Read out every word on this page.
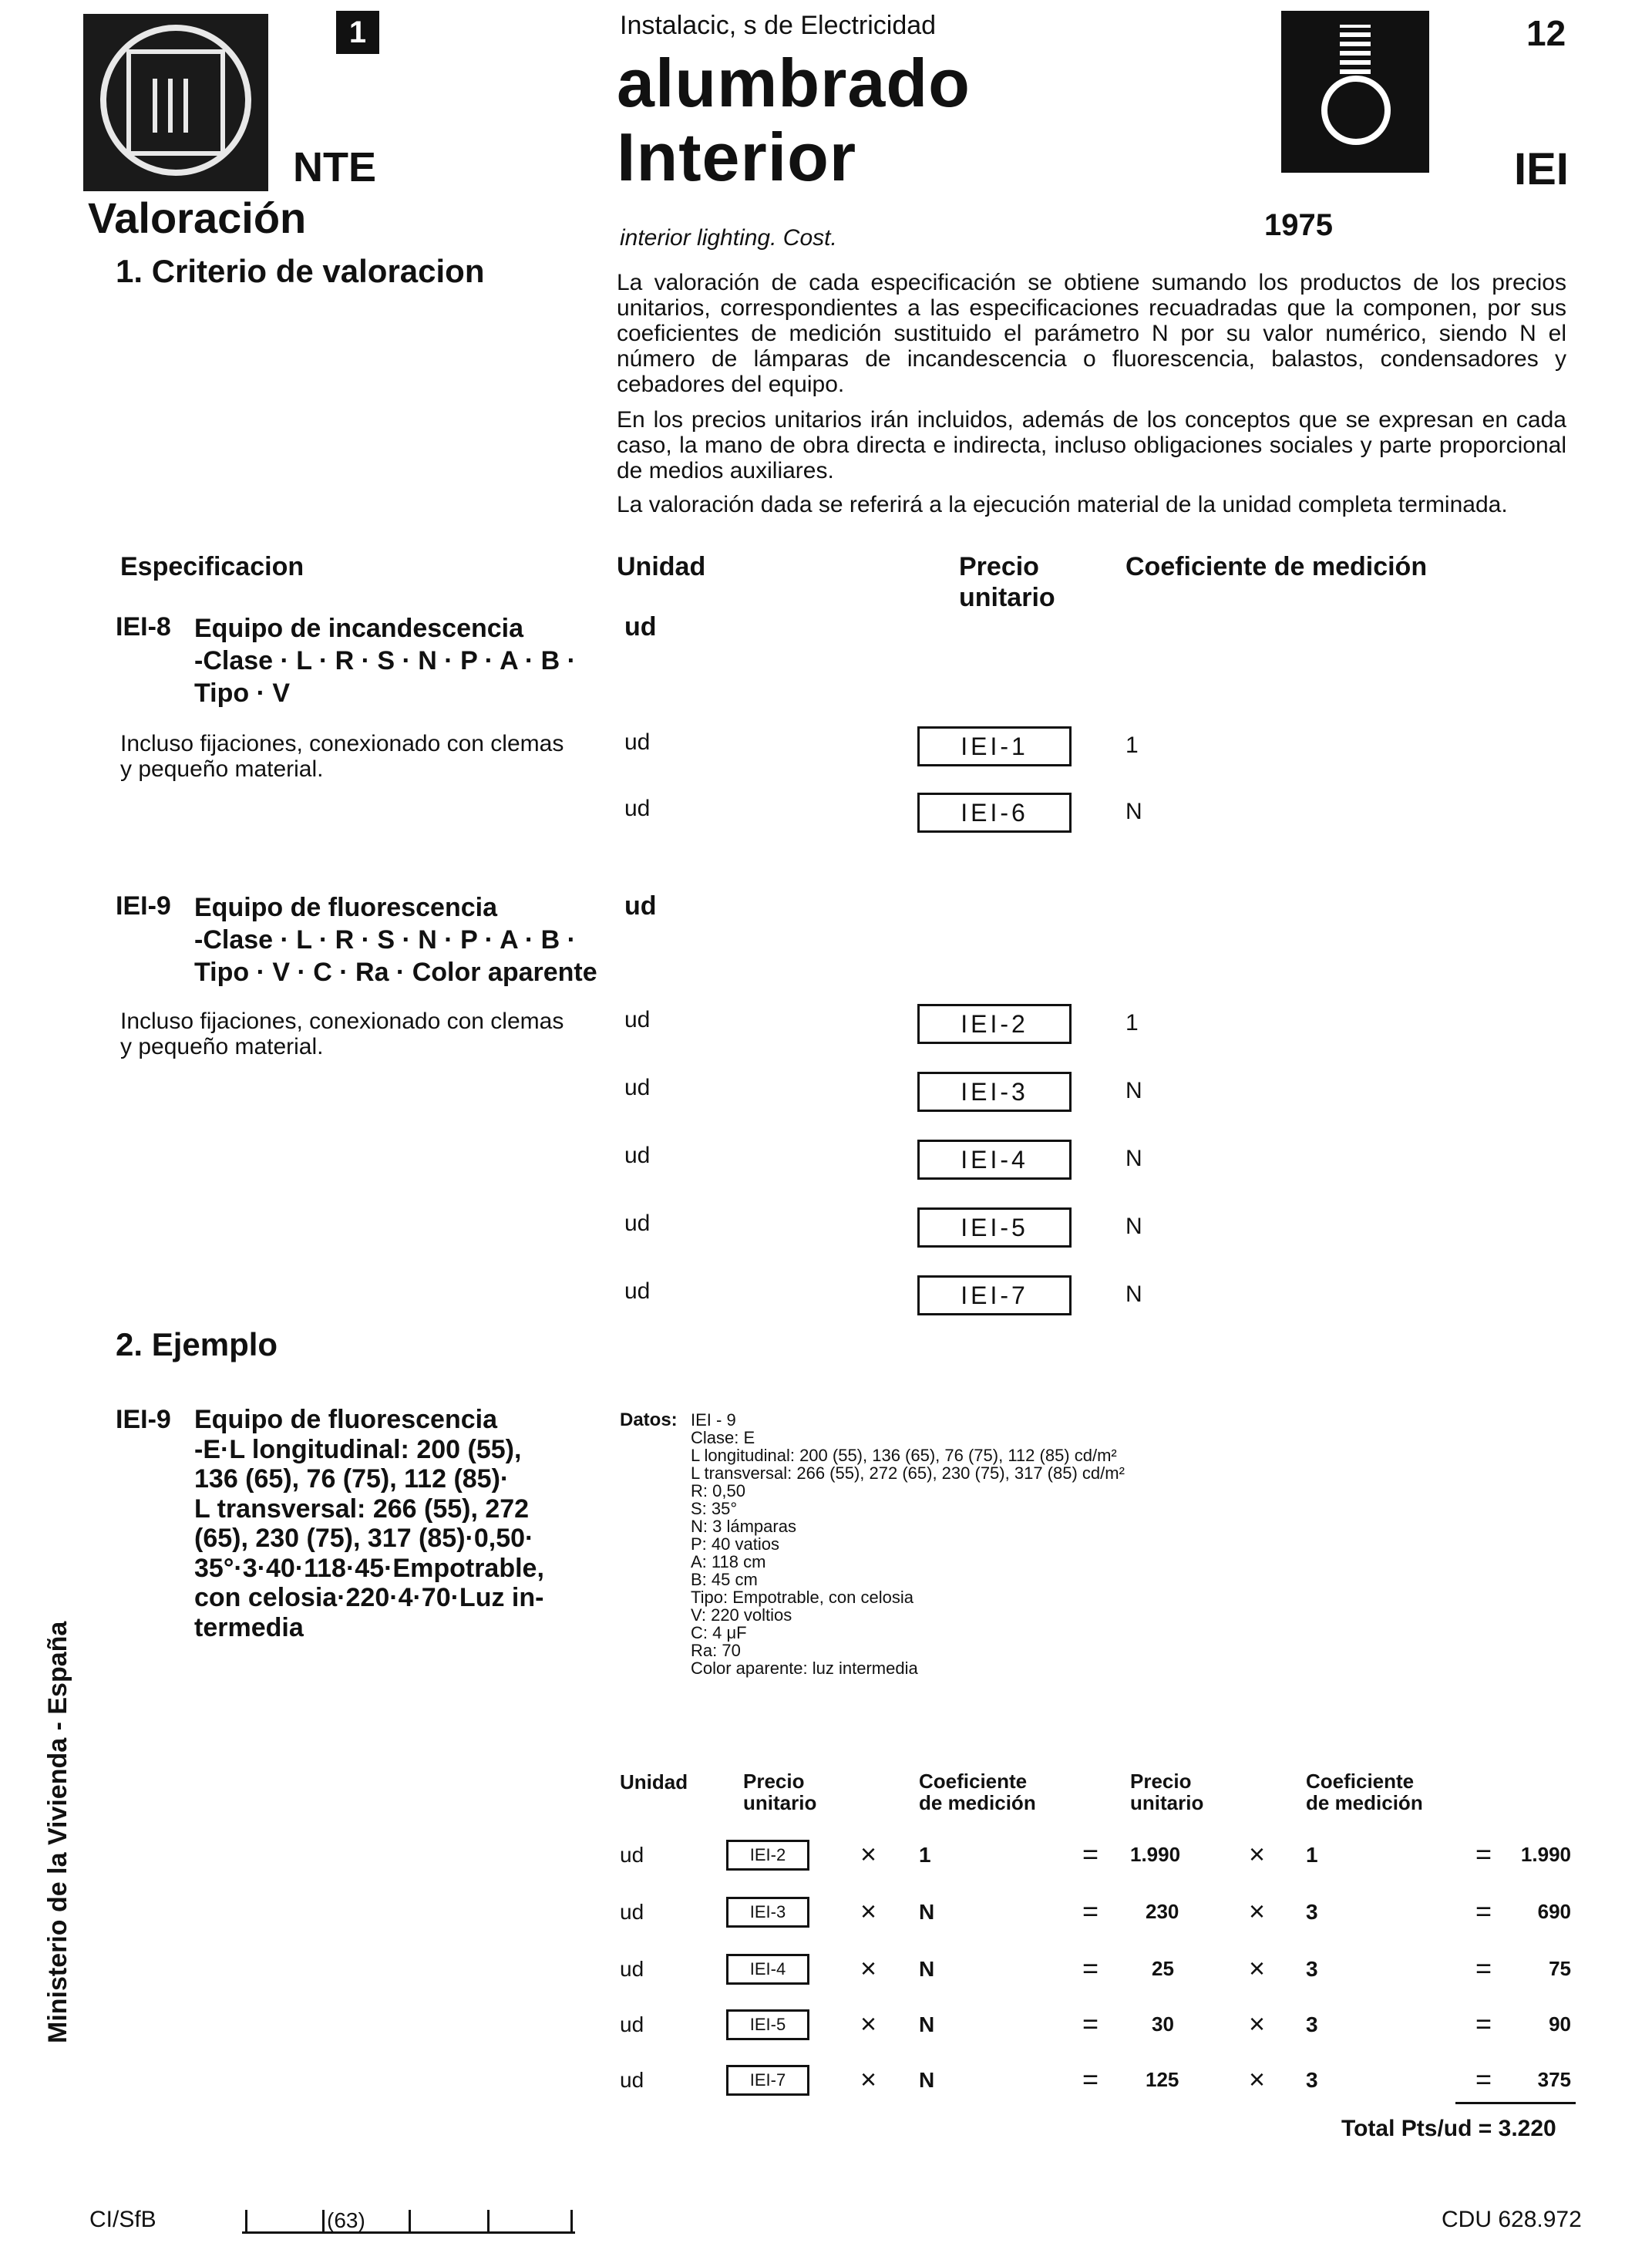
1
NTE
Instalacic, s de Electricidad
alumbrado
Interior
interior lighting. Cost.
12
IEI
1975
Valoración
1. Criterio de valoracion	La valoración de cada especificación se obtiene sumando los productos de los precios unitarios, correspondientes a las especificaciones recuadradas que la componen, por sus coeficientes de medición sustituido el parámetro N por su valor numérico, siendo N el número de lámparas de incandescencia o fluorescencia, balastos, condensadores y cebadores del equipo.
En los precios unitarios irán incluidos, además de los conceptos que se expresan en cada caso, la mano de obra directa e indirecta, incluso obligaciones sociales y parte proporcional de medios auxiliares.
La valoración dada se referirá a la ejecución material de la unidad completa terminada.
Especificacion	Unidad	Precio
unitario
Coeficiente de medición
IEI-8 Equipo de incandescencia
-Clase · L · R · S · N · P · A · B ·
Tipo · V
ud
Incluso fijaciones, conexionado con clemas y pequeño material.
ud	IEI-1	1
ud	IEI-6	N
IEI-9 Equipo de fluorescencia
-Clase · L · R · S · N · P · A · B ·
Tipo · V · C · Ra · Color aparente
ud
Incluso fijaciones, conexionado con clemas y pequeño material.
ud	IEI-2	1
ud	IEI-3	N
ud	IEI-4	N
ud	IEI-5	N
ud	IEI-7	N
2. Ejemplo
IEI-9 Equipo de fluorescencia
-E·L longitudinal: 200 (55),
136 (65), 76 (75), 112 (85)·
L transversal: 266 (55), 272
(65), 230 (75), 317 (85)·0,50·
35°·3·40·118·45·Empotrable,
con celosia·220·4·70·Luz in-
termedia
Datos: IEI - 9
Clase: E
L longitudinal: 200 (55), 136 (65), 76 (75), 112 (85) cd/m²
L transversal: 266 (55), 272 (65), 230 (75), 317 (85) cd/m²
R: 0,50
S: 35°
N: 3 lámparas
P: 40 vatios
A: 118 cm
B: 45 cm
Tipo: Empotrable, con celosia
V: 220 voltios
C: 4 μF
Ra: 70
Color aparente: luz intermedia
Unidad	Precio
unitario
Coeficiente
de medición
Precio
unitario
Coeficiente
de medición
ud	IEI-2	× 1	= 1.990 × 1	=	1.990
ud	IEI-3	× N	= 230	× 3	=	690
ud	IEI-4	× N	=	25	× 3	=	75
ud	IEI-5	× N	=	30	× 3	=	90
ud	IEI-7	× N	= 125	× 3	=	375
Total Pts/ud = 3.220
Ministerio de la Vivienda - España
CI/SfB	(63)	CDU 628.972
